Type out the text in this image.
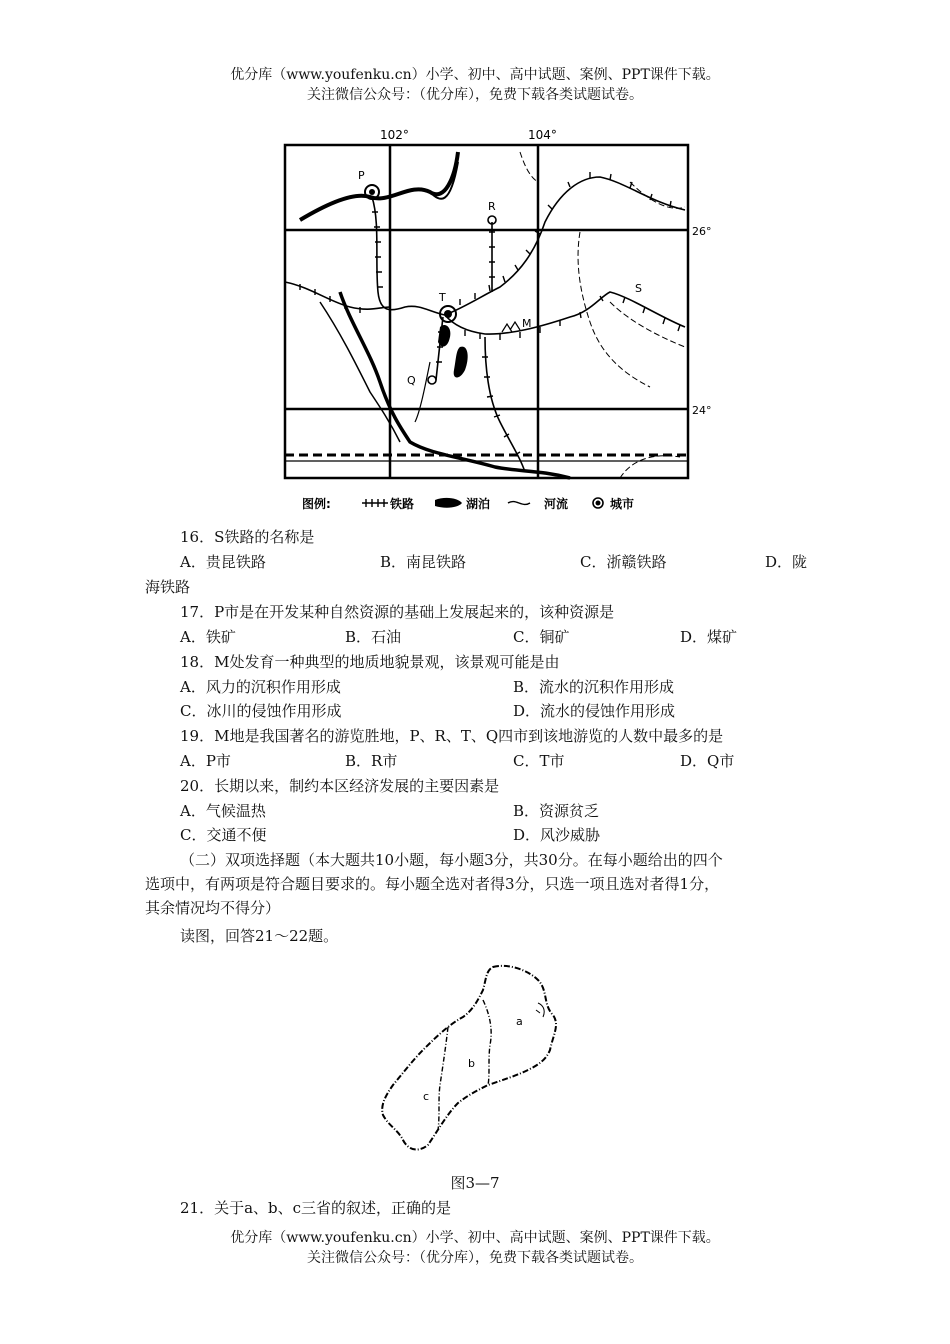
优分库（www.youfenku.cn）小学、初中、高中试题、案例、PPT课件下载。
关注微信公众号：（优分库），免费下载各类试题试卷。
102°	104°
26°
24°
P
R
T
M
Q
S
图例:	铁路	湖泊	河流	城市
16．S铁路的名称是
A．贵昆铁路	B．南昆铁路	C．浙赣铁路	D．陇
海铁路
17．P市是在开发某种自然资源的基础上发展起来的，该种资源是
A．铁矿	B．石油	C．铜矿	D．煤矿
18．M处发育一种典型的地质地貌景观，该景观可能是由
A．风力的沉积作用形成	B．流水的沉积作用形成
C．冰川的侵蚀作用形成	D．流水的侵蚀作用形成
19．M地是我国著名的游览胜地，P、R、T、Q四市到该地游览的人数中最多的是
A．P市	B．R市	C．T市	D．Q市
20．长期以来，制约本区经济发展的主要因素是
A．气候温热	B．资源贫乏
C．交通不便	D．风沙威胁
（二）双项选择题（本大题共10小题，每小题3分，共30分。在每小题给出的四个
选项中，有两项是符合题目要求的。每小题全选对者得3分，只选一项且选对者得1分，
其余情况均不得分）
读图，回答21～22题。
a
b
c
图3—7
21．关于a、b、c三省的叙述，正确的是
优分库（www.youfenku.cn）小学、初中、高中试题、案例、PPT课件下载。
关注微信公众号：（优分库），免费下载各类试题试卷。
